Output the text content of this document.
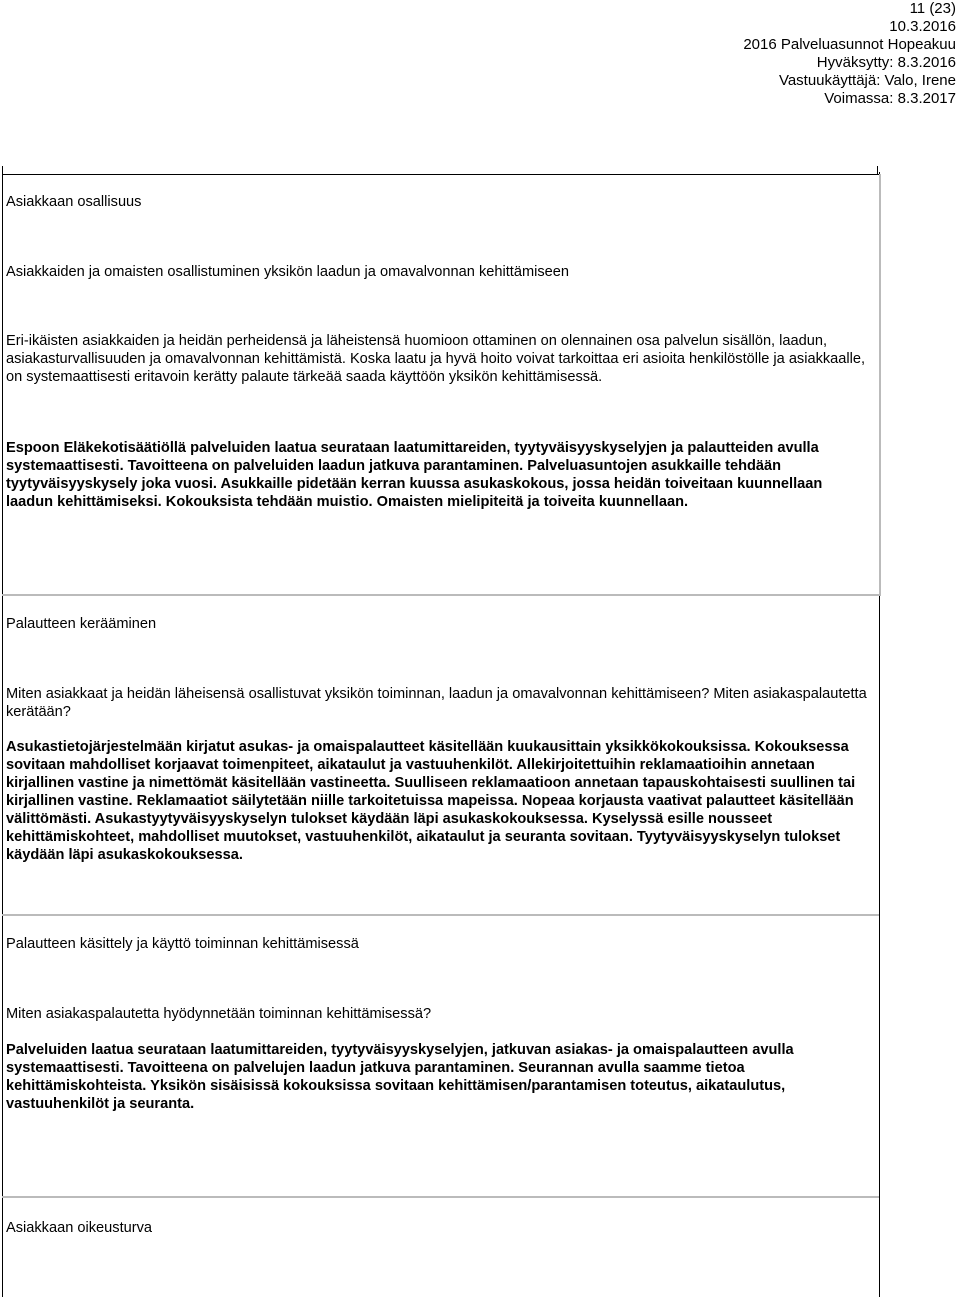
11 (23)
10.3.2016
2016 Palveluasunnot Hopeakuu
Hyväksytty: 8.3.2016
Vastuukäyttäjä: Valo, Irene
Voimassa: 8.3.2017

Asiakkaan osallisuus

Asiakkaiden ja omaisten osallistuminen yksikön laadun ja omavalvonnan kehittämiseen

Eri-ikäisten asiakkaiden ja heidän perheidensä ja läheistensä huomioon ottaminen on olennainen osa palvelun sisällön, laadun, asiakasturvallisuuden ja omavalvonnan kehittämistä. Koska laatu ja hyvä hoito voivat tarkoittaa eri asioita henkilöstölle ja asiakkaalle, on systemaattisesti eritavoin kerätty palaute tärkeää saada käyttöön yksikön kehittämisessä.

Espoon Eläkekotisäätiöllä palveluiden laatua seurataan laatumittareiden, tyytyväisyyskyselyjen ja palautteiden avulla systemaattisesti. Tavoitteena on palveluiden laadun jatkuva parantaminen. Palveluasuntojen asukkaille tehdään tyytyväisyyskysely joka vuosi. Asukkaille pidetään kerran kuussa asukaskokous, jossa heidän toiveitaan kuunnellaan laadun kehittämiseksi. Kokouksista tehdään muistio. Omaisten mielipiteitä ja toiveita kuunnellaan.

Palautteen kerääminen

Miten asiakkaat ja heidän läheisensä osallistuvat yksikön toiminnan, laadun ja omavalvonnan kehittämiseen? Miten asiakaspalautetta kerätään?

Asukastietojärjestelmään kirjatut asukas- ja omaispalautteet käsitellään kuukausittain yksikkökokouksissa. Kokouksessa sovitaan mahdolliset korjaavat toimenpiteet, aikataulut ja vastuuhenkilöt. Allekirjoitettuihin reklamaatioihin annetaan kirjallinen vastine ja nimettömät käsitellään vastineetta. Suulliseen reklamaatioon annetaan tapauskohtaisesti suullinen tai kirjallinen vastine. Reklamaatiot säilytetään niille tarkoitetuissa mapeissa. Nopeaa korjausta vaativat palautteet käsitellään välittömästi. Asukastyytyväisyyskyselyn tulokset käydään läpi asukaskokouksessa. Kyselyssä esille nousseet kehittämiskohteet, mahdolliset muutokset, vastuuhenkilöt, aikataulut ja seuranta sovitaan. Tyytyväisyyskyselyn tulokset käydään läpi asukaskokouksessa.

Palautteen käsittely ja käyttö toiminnan kehittämisessä

Miten asiakaspalautetta hyödynnetään toiminnan kehittämisessä?

Palveluiden laatua seurataan laatumittareiden, tyytyväisyyskyselyjen, jatkuvan asiakas- ja omaispalautteen avulla systemaattisesti. Tavoitteena on palvelujen laadun jatkuva parantaminen. Seurannan avulla saamme tietoa kehittämiskohteista. Yksikön sisäisissä kokouksissa sovitaan kehittämisen/parantamisen toteutus, aikataulutus, vastuuhenkilöt ja seuranta.

Asiakkaan oikeusturva
